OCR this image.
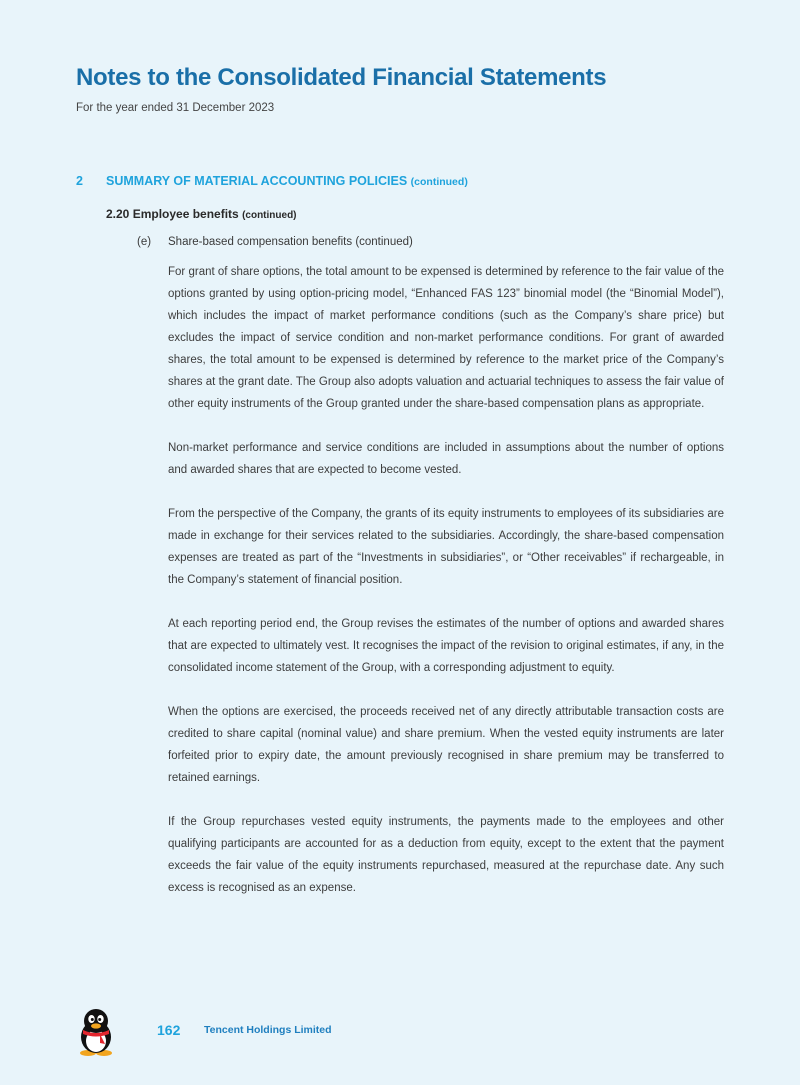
Notes to the Consolidated Financial Statements
For the year ended 31 December 2023
2 SUMMARY OF MATERIAL ACCOUNTING POLICIES (continued)
2.20 Employee benefits (continued)
(e) Share-based compensation benefits (continued)

For grant of share options, the total amount to be expensed is determined by reference to the fair value of the options granted by using option-pricing model, “Enhanced FAS 123” binomial model (the “Binomial Model”), which includes the impact of market performance conditions (such as the Company’s share price) but excludes the impact of service condition and non-market performance conditions. For grant of awarded shares, the total amount to be expensed is determined by reference to the market price of the Company’s shares at the grant date. The Group also adopts valuation and actuarial techniques to assess the fair value of other equity instruments of the Group granted under the share-based compensation plans as appropriate.

Non-market performance and service conditions are included in assumptions about the number of options and awarded shares that are expected to become vested.

From the perspective of the Company, the grants of its equity instruments to employees of its subsidiaries are made in exchange for their services related to the subsidiaries. Accordingly, the share-based compensation expenses are treated as part of the “Investments in subsidiaries”, or “Other receivables” if rechargeable, in the Company’s statement of financial position.

At each reporting period end, the Group revises the estimates of the number of options and awarded shares that are expected to ultimately vest. It recognises the impact of the revision to original estimates, if any, in the consolidated income statement of the Group, with a corresponding adjustment to equity.

When the options are exercised, the proceeds received net of any directly attributable transaction costs are credited to share capital (nominal value) and share premium. When the vested equity instruments are later forfeited prior to expiry date, the amount previously recognised in share premium may be transferred to retained earnings.

If the Group repurchases vested equity instruments, the payments made to the employees and other qualifying participants are accounted for as a deduction from equity, except to the extent that the payment exceeds the fair value of the equity instruments repurchased, measured at the repurchase date. Any such excess is recognised as an expense.

162 Tencent Holdings Limited
